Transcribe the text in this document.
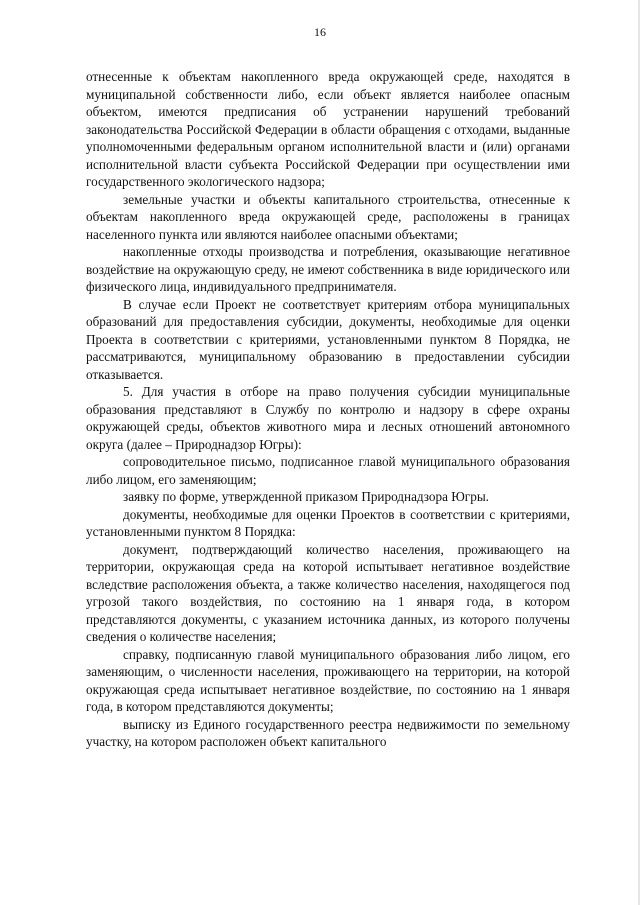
16

отнесенные к объектам накопленного вреда окружающей среде, находятся в муниципальной собственности либо, если объект является наиболее опасным объектом, имеются предписания об устранении нарушений требований законодательства Российской Федерации в области обращения с отходами, выданные уполномоченными федеральным органом исполнительной власти и (или) органами исполнительной власти субъекта Российской Федерации при осуществлении ими государственного экологического надзора;

земельные участки и объекты капитального строительства, отнесенные к объектам накопленного вреда окружающей среде, расположены в границах населенного пункта или являются наиболее опасными объектами;

накопленные отходы производства и потребления, оказывающие негативное воздействие на окружающую среду, не имеют собственника в виде юридического или физического лица, индивидуального предпринимателя.

В случае если Проект не соответствует критериям отбора муниципальных образований для предоставления субсидии, документы, необходимые для оценки Проекта в соответствии с критериями, установленными пунктом 8 Порядка, не рассматриваются, муниципальному образованию в предоставлении субсидии отказывается.

5. Для участия в отборе на право получения субсидии муниципальные образования представляют в Службу по контролю и надзору в сфере охраны окружающей среды, объектов животного мира и лесных отношений автономного округа (далее – Природнадзор Югры):

сопроводительное письмо, подписанное главой муниципального образования либо лицом, его заменяющим;

заявку по форме, утвержденной приказом Природнадзора Югры.

документы, необходимые для оценки Проектов в соответствии с критериями, установленными пунктом 8 Порядка:

документ, подтверждающий количество населения, проживающего на территории, окружающая среда на которой испытывает негативное воздействие вследствие расположения объекта, а также количество населения, находящегося под угрозой такого воздействия, по состоянию на 1 января года, в котором представляются документы, с указанием источника данных, из которого получены сведения о количестве населения;

справку, подписанную главой муниципального образования либо лицом, его заменяющим, о численности населения, проживающего на территории, на которой окружающая среда испытывает негативное воздействие, по состоянию на 1 января года, в котором представляются документы;

выписку из Единого государственного реестра недвижимости по земельному участку, на котором расположен объект капитального
